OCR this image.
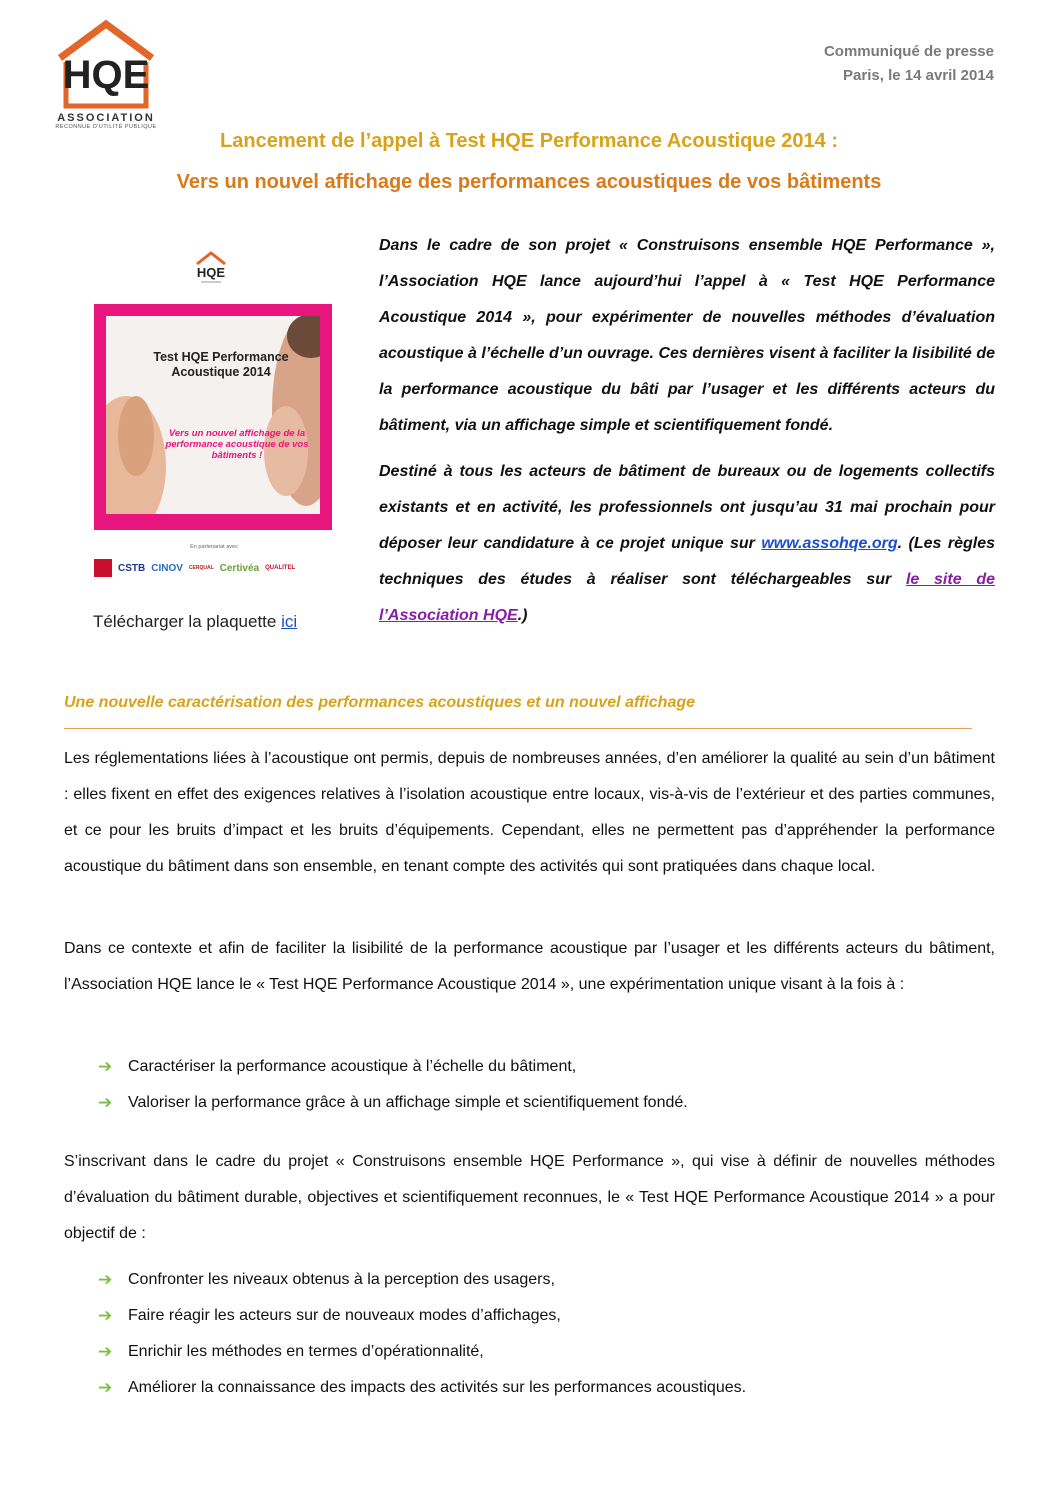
HQE
ASSOCIATION
RECONNUE D'UTILITÉ PUBLIQUE
Communiqué de presse
Paris, le 14 avril 2014
Lancement de l’appel à Test HQE Performance Acoustique 2014 :
Vers un nouvel affichage des performances acoustiques de vos bâtiments
HQE
Test HQE Performance Acoustique 2014
Vers un nouvel affichage de la performance acoustique de vos bâtiments !
En partenariat avec
CSTB CINOV CERQUAL Certivéa QUALITEL
Télécharger la plaquette ici

Dans le cadre de son projet « Construisons ensemble HQE Performance », l’Association HQE lance aujourd’hui l’appel à « Test HQE Performance Acoustique 2014 », pour expérimenter de nouvelles méthodes d’évaluation acoustique à l’échelle d’un ouvrage. Ces dernières visent à faciliter la lisibilité de la performance acoustique du bâti par l’usager et les différents acteurs du bâtiment, via un affichage simple et scientifiquement fondé.

Destiné à tous les acteurs de bâtiment de bureaux ou de logements collectifs existants et en activité, les professionnels ont jusqu’au 31 mai prochain pour déposer leur candidature à ce projet unique sur www.assohqe.org. (Les règles techniques des études à réaliser sont téléchargeables sur le site de l’Association HQE.)

Une nouvelle caractérisation des performances acoustiques et un nouvel affichage

Les réglementations liées à l’acoustique ont permis, depuis de nombreuses années, d’en améliorer la qualité au sein d’un bâtiment : elles fixent en effet des exigences relatives à l’isolation acoustique entre locaux, vis-à-vis de l’extérieur et des parties communes, et ce pour les bruits d’impact et les bruits d’équipements. Cependant, elles ne permettent pas d’appréhender la performance acoustique du bâtiment dans son ensemble, en tenant compte des activités qui sont pratiquées dans chaque local.

Dans ce contexte et afin de faciliter la lisibilité de la performance acoustique par l’usager et les différents acteurs du bâtiment, l’Association HQE lance le « Test HQE Performance Acoustique 2014 », une expérimentation unique visant à la fois à :

➔ Caractériser la performance acoustique à l’échelle du bâtiment,
➔ Valoriser la performance grâce à un affichage simple et scientifiquement fondé.

S’inscrivant dans le cadre du projet « Construisons ensemble HQE Performance », qui vise à définir de nouvelles méthodes d’évaluation du bâtiment durable, objectives et scientifiquement reconnues, le « Test HQE Performance Acoustique 2014 » a pour objectif de :

➔ Confronter les niveaux obtenus à la perception des usagers,
➔ Faire réagir les acteurs sur de nouveaux modes d’affichages,
➔ Enrichir les méthodes en termes d’opérationnalité,
➔ Améliorer la connaissance des impacts des activités sur les performances acoustiques.
